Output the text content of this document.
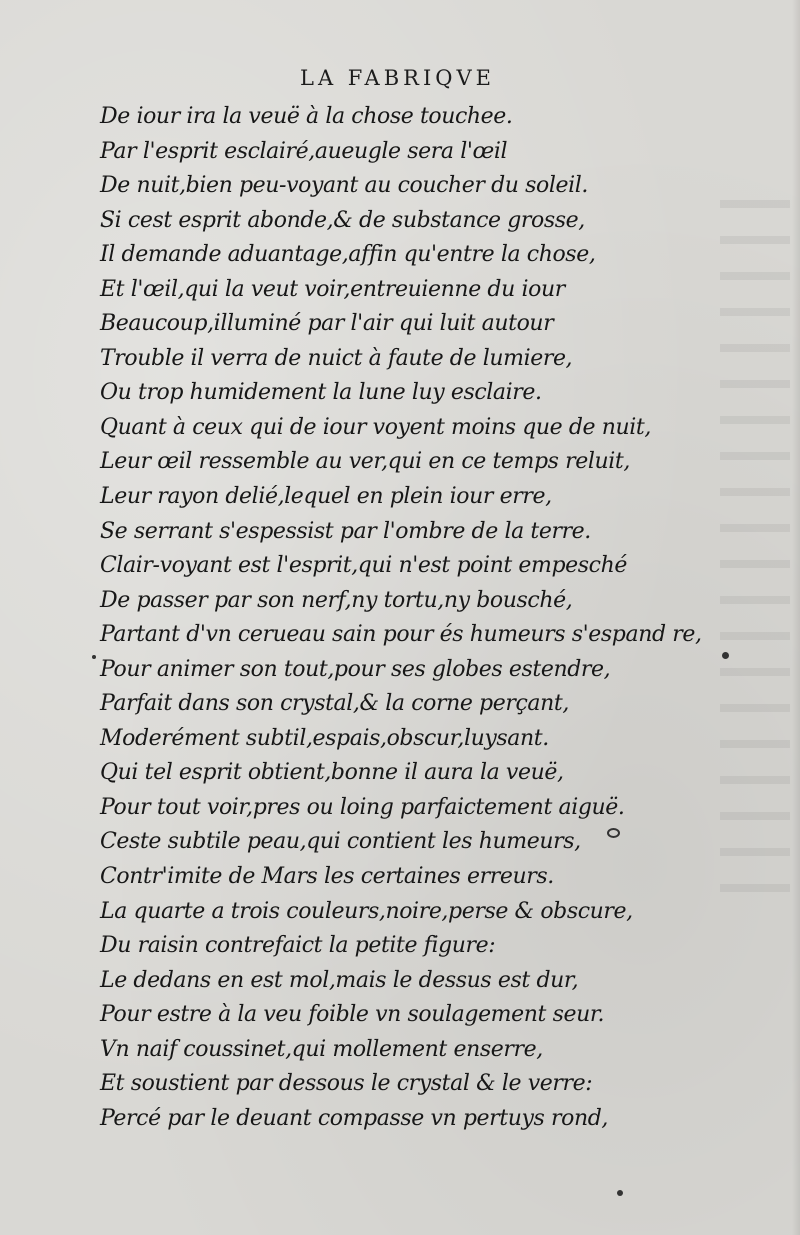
LA FABRIQVE
De iour ira la veuë à la chose touchee.
Par l'esprit esclairé,aueugle sera l'œil
De nuit,bien peu-voyant au coucher du soleil.
Si cest esprit abonde,& de substance grosse,
Il demande aduantage,affin qu'entre la chose,
Et l'œil,qui la veut voir,entreuienne du iour
Beaucoup,illuminé par l'air qui luit autour
Trouble il verra de nuict à faute de lumiere,
Ou trop humidement la lune luy esclaire.
Quant à ceux qui de iour voyent moins que de nuit,
Leur œil ressemble au ver,qui en ce temps reluit,
Leur rayon delié,lequel en plein iour erre,
Se serrant s'espessist par l'ombre de la terre.
Clair-voyant est l'esprit,qui n'est point empesché
De passer par son nerf,ny tortu,ny bousché,
Partant d'vn cerueau sain pour és humeurs s'espand re,
Pour animer son tout,pour ses globes estendre,
Parfait dans son crystal,& la corne perçant,
Moderément subtil,espais,obscur,luysant.
Qui tel esprit obtient,bonne il aura la veuë,
Pour tout voir,pres ou loing parfaictement aiguë.
Ceste subtile peau,qui contient les humeurs,
Contr'imite de Mars les certaines erreurs.
La quarte a trois couleurs,noire,perse & obscure,
Du raisin contrefaict la petite figure:
Le dedans en est mol,mais le dessus est dur,
Pour estre à la veu foible vn soulagement seur.
Vn naif coussinet,qui mollement enserre,
Et soustient par dessous le crystal & le verre:
Percé par le deuant compasse vn pertuys rond,
